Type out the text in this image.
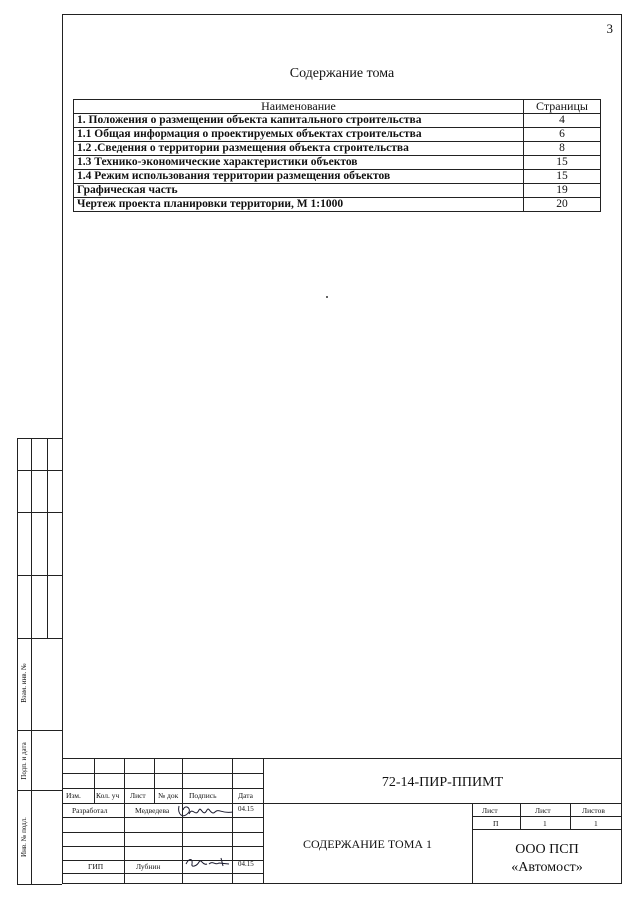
3
Содержание тома
Наименование	Страницы
1. Положения о размещении объекта капитального строительства	4
1.1 Общая информация о проектируемых объектах строительства	6
1.2 .Сведения о территории размещения объекта строительства	8
1.3 Технико-экономические характеристики объектов	15
1.4 Режим использования территории размещения объектов	15
Графическая часть	19
Чертеж проекта планировки территории, М 1:1000	20
Взам. инв. №
Подп. и дата
Инв. № подл.
72-14-ПИР-ППИМТ
Изм. Кол. уч Лист № док Подпись	Дата
Разработал	Медведева	04.15
ГИП	Лубнин	04.15
СОДЕРЖАНИЕ ТОМА 1
Лист	Лист	Листов
П	1	1
ООО ПСП
«Автомост»
